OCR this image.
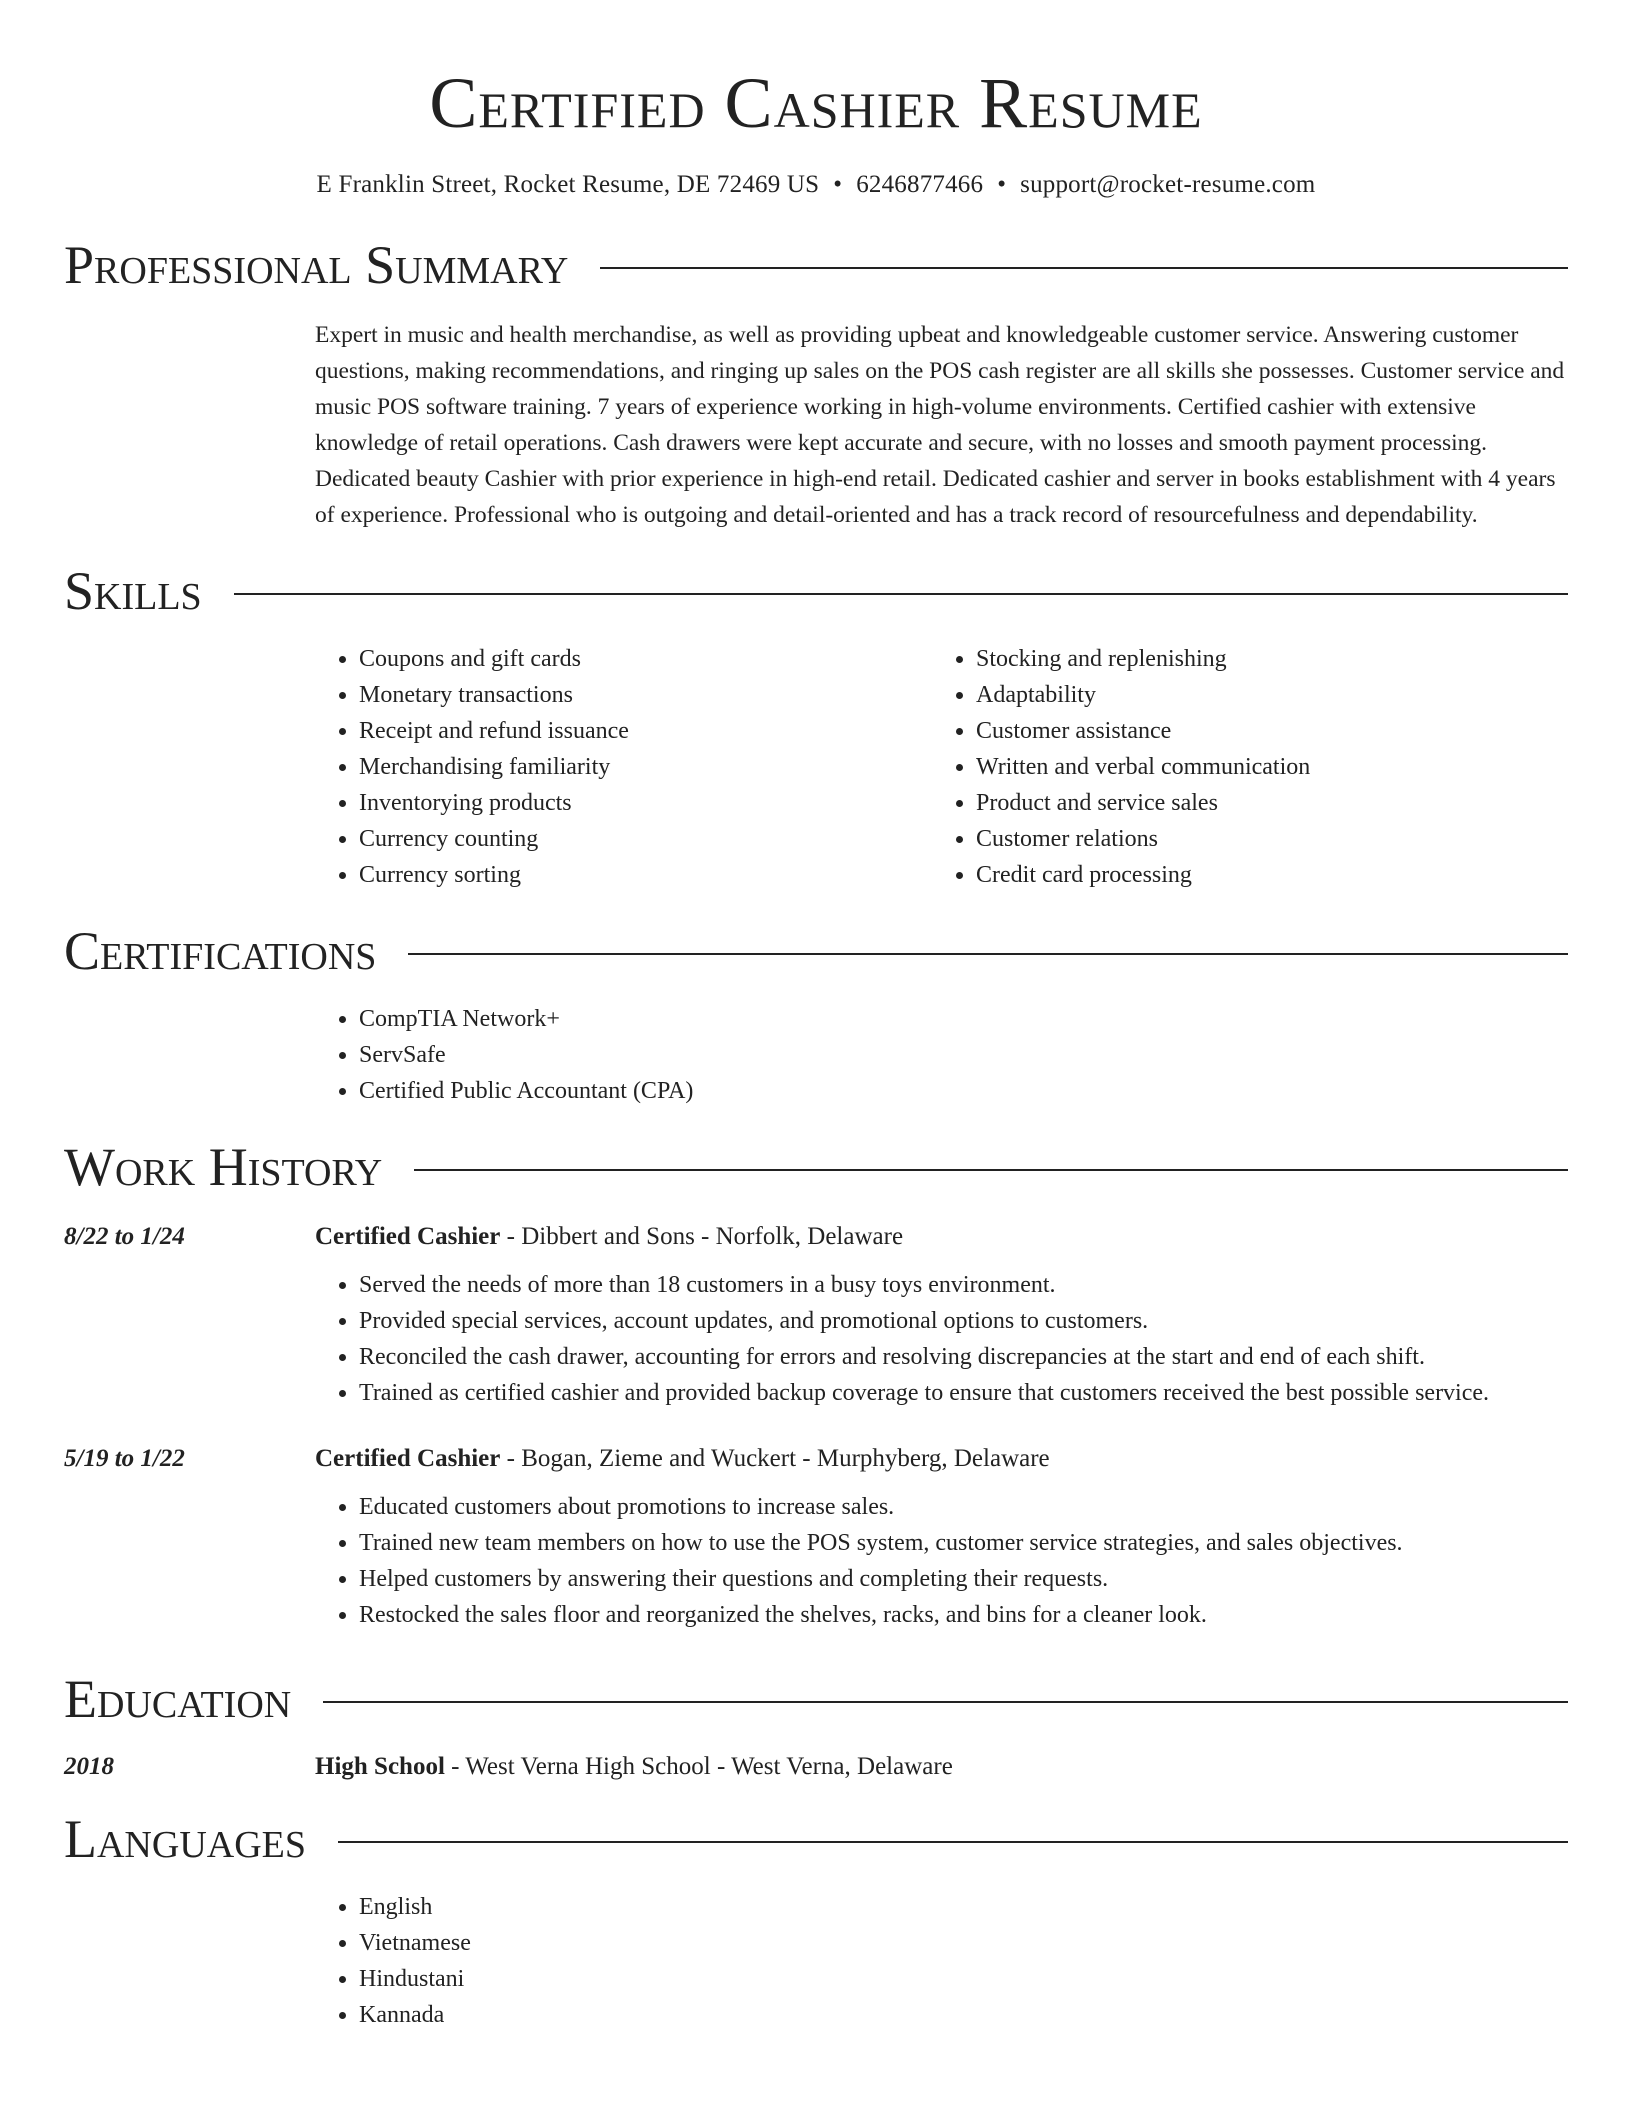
Certified Cashier Resume
E Franklin Street, Rocket Resume, DE 72469 US • 6246877466 • support@rocket-resume.com
Professional Summary
Expert in music and health merchandise, as well as providing upbeat and knowledgeable customer service. Answering customer questions, making recommendations, and ringing up sales on the POS cash register are all skills she possesses. Customer service and music POS software training. 7 years of experience working in high-volume environments. Certified cashier with extensive knowledge of retail operations. Cash drawers were kept accurate and secure, with no losses and smooth payment processing. Dedicated beauty Cashier with prior experience in high-end retail. Dedicated cashier and server in books establishment with 4 years of experience. Professional who is outgoing and detail-oriented and has a track record of resourcefulness and dependability.
Skills
• Coupons and gift cards
• Monetary transactions
• Receipt and refund issuance
• Merchandising familiarity
• Inventorying products
• Currency counting
• Currency sorting
• Stocking and replenishing
• Adaptability
• Customer assistance
• Written and verbal communication
• Product and service sales
• Customer relations
• Credit card processing
Certifications
• CompTIA Network+
• ServSafe
• Certified Public Accountant (CPA)
Work History
8/22 to 1/24	Certified Cashier - Dibbert and Sons - Norfolk, Delaware
• Served the needs of more than 18 customers in a busy toys environment.
• Provided special services, account updates, and promotional options to customers.
• Reconciled the cash drawer, accounting for errors and resolving discrepancies at the start and end of each shift.
• Trained as certified cashier and provided backup coverage to ensure that customers received the best possible service.
5/19 to 1/22	Certified Cashier - Bogan, Zieme and Wuckert - Murphyberg, Delaware
• Educated customers about promotions to increase sales.
• Trained new team members on how to use the POS system, customer service strategies, and sales objectives.
• Helped customers by answering their questions and completing their requests.
• Restocked the sales floor and reorganized the shelves, racks, and bins for a cleaner look.
Education
2018	High School - West Verna High School - West Verna, Delaware
Languages
• English
• Vietnamese
• Hindustani
• Kannada
